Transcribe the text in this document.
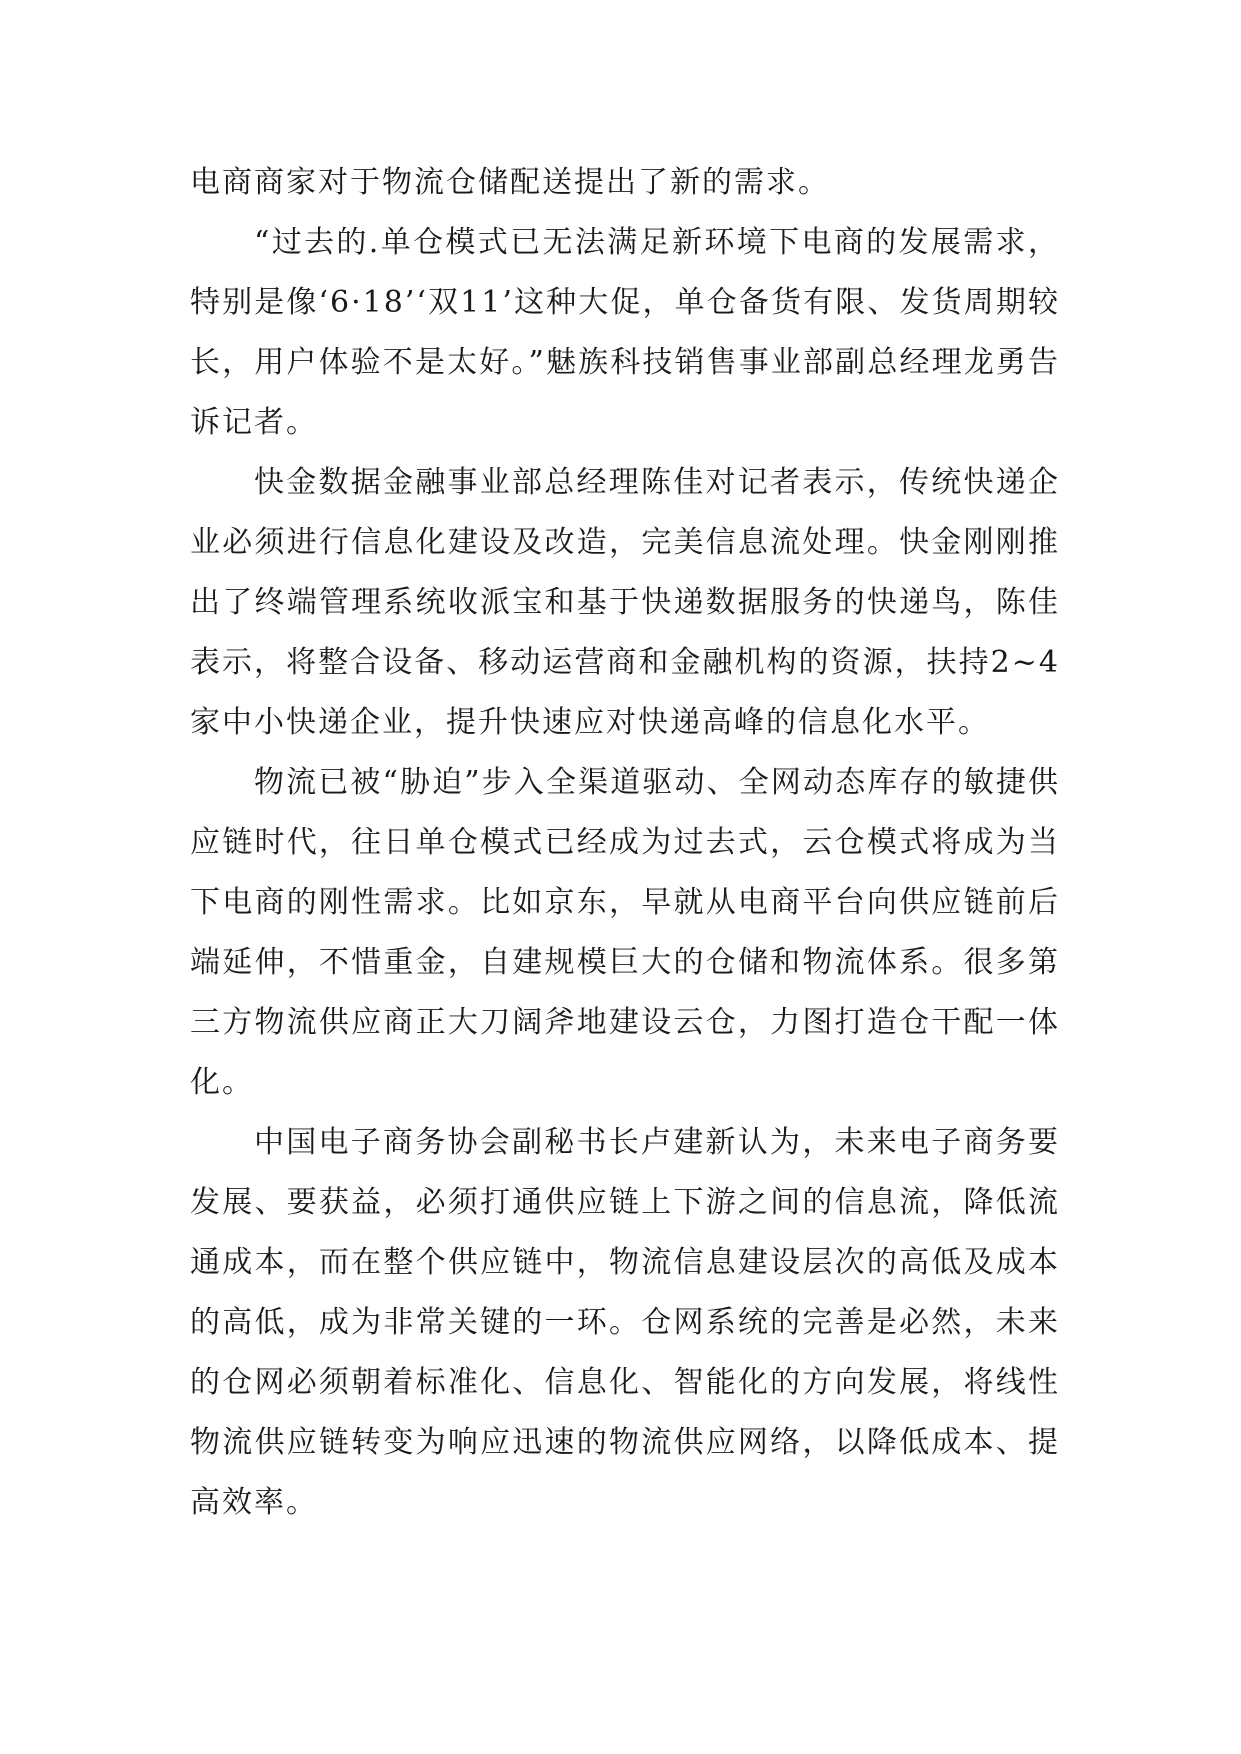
电商商家对于物流仓储配送提出了新的需求。

“过去的.单仓模式已无法满足新环境下电商的发展需求，特别是像‘6·18’‘双11’这种大促，单仓备货有限、发货周期较长，用户体验不是太好。”魅族科技销售事业部副总经理龙勇告诉记者。

快金数据金融事业部总经理陈佳对记者表示，传统快递企业必须进行信息化建设及改造，完美信息流处理。快金刚刚推出了终端管理系统收派宝和基于快递数据服务的快递鸟，陈佳表示，将整合设备、移动运营商和金融机构的资源，扶持2~4家中小快递企业，提升快速应对快递高峰的信息化水平。

物流已被“胁迫”步入全渠道驱动、全网动态库存的敏捷供应链时代，往日单仓模式已经成为过去式，云仓模式将成为当下电商的刚性需求。比如京东，早就从电商平台向供应链前后端延伸，不惜重金，自建规模巨大的仓储和物流体系。很多第三方物流供应商正大刀阔斧地建设云仓，力图打造仓干配一体化。

中国电子商务协会副秘书长卢建新认为，未来电子商务要发展、要获益，必须打通供应链上下游之间的信息流，降低流通成本，而在整个供应链中，物流信息建设层次的高低及成本的高低，成为非常关键的一环。仓网系统的完善是必然，未来的仓网必须朝着标准化、信息化、智能化的方向发展，将线性物流供应链转变为响应迅速的物流供应网络，以降低成本、提高效率。
